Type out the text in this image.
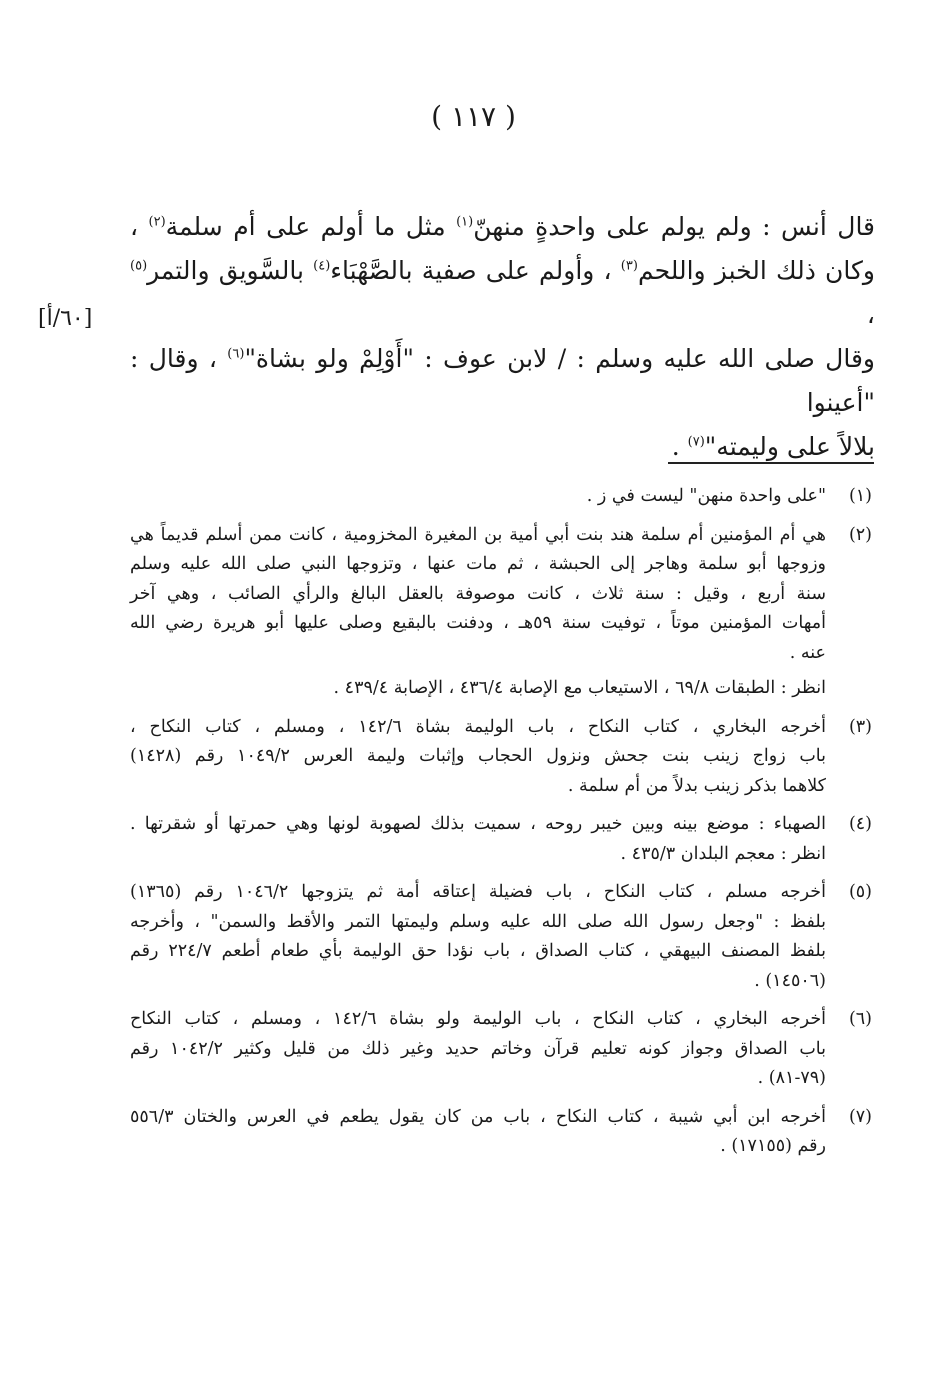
( ١١٧ )
قال أنس : ولم يولم على واحدةٍ منهنّ$^{(١)}$ مثل ما أولم على أم سلمة$^{(٢)}$ ،
وكان ذلك الخبز واللحم$^{(٣)}$ ، وأولم على صفية بالصَّهْبَاء$^{(٤)}$ بالسَّويق والتمر$^{(٥)}$ ،
وقال صلى الله عليه وسلم : / لابن عوف : "أَوْلِمْ ولو بشاة"$^{(٦)}$ ، وقال : "أعينوا
بلالاً على وليمته"$^{(٧)}$ .
[٦٠/أ]
(١)
"على واحدة منهن" ليست في ز .
(٢)
هي أم المؤمنين أم سلمة هند بنت أبي أمية بن المغيرة المخزومية ، كانت ممن أسلم قديماً هي
وزوجها أبو سلمة وهاجر إلى الحبشة ، ثم مات عنها ، وتزوجها النبي صلى الله عليه وسلم
سنة أربع ، وقيل : سنة ثلاث ، كانت موصوفة بالعقل البالغ والرأي الصائب ، وهي آخر
أمهات المؤمنين موتاً ، توفيت سنة ٥٩هـ ، ودفنت بالبقيع وصلى عليها أبو هريرة رضي الله
عنه .
انظر : الطبقات ٦٩/٨ ، الاستيعاب مع الإصابة ٤٣٦/٤ ، الإصابة ٤٣٩/٤ .
(٣)
أخرجه البخاري ، كتاب النكاح ، باب الوليمة بشاة ١٤٢/٦ ، ومسلم ، كتاب النكاح ،
باب زواج زينب بنت جحش ونزول الحجاب وإثبات وليمة العرس ١٠٤٩/٢ رقم (١٤٢٨)
كلاهما بذكر زينب بدلاً من أم سلمة .
(٤)
الصهباء : موضع بينه وبين خيبر روحه ، سميت بذلك لصهوبة لونها وهي حمرتها أو شقرتها .
انظر : معجم البلدان ٤٣٥/٣ .
(٥)
أخرجه مسلم ، كتاب النكاح ، باب فضيلة إعتاقه أمة ثم يتزوجها ١٠٤٦/٢ رقم (١٣٦٥)
بلفظ : "وجعل رسول الله صلى الله عليه وسلم وليمتها التمر والأقط والسمن" ، وأخرجه
بلفظ المصنف البيهقي ، كتاب الصداق ، باب نؤدا حق الوليمة بأي طعام أطعم ٢٢٤/٧ رقم
(١٤٥٠٦) .
(٦)
أخرجه البخاري ، كتاب النكاح ، باب الوليمة ولو بشاة ١٤٢/٦ ، ومسلم ، كتاب النكاح
باب الصداق وجواز كونه تعليم قرآن وخاتم حديد وغير ذلك من قليل وكثير ١٠٤٢/٢ رقم
(٧٩-٨١) .
(٧)
أخرجه ابن أبي شيبة ، كتاب النكاح ، باب من كان يقول يطعم في العرس والختان ٥٥٦/٣
رقم (١٧١٥٥) .
